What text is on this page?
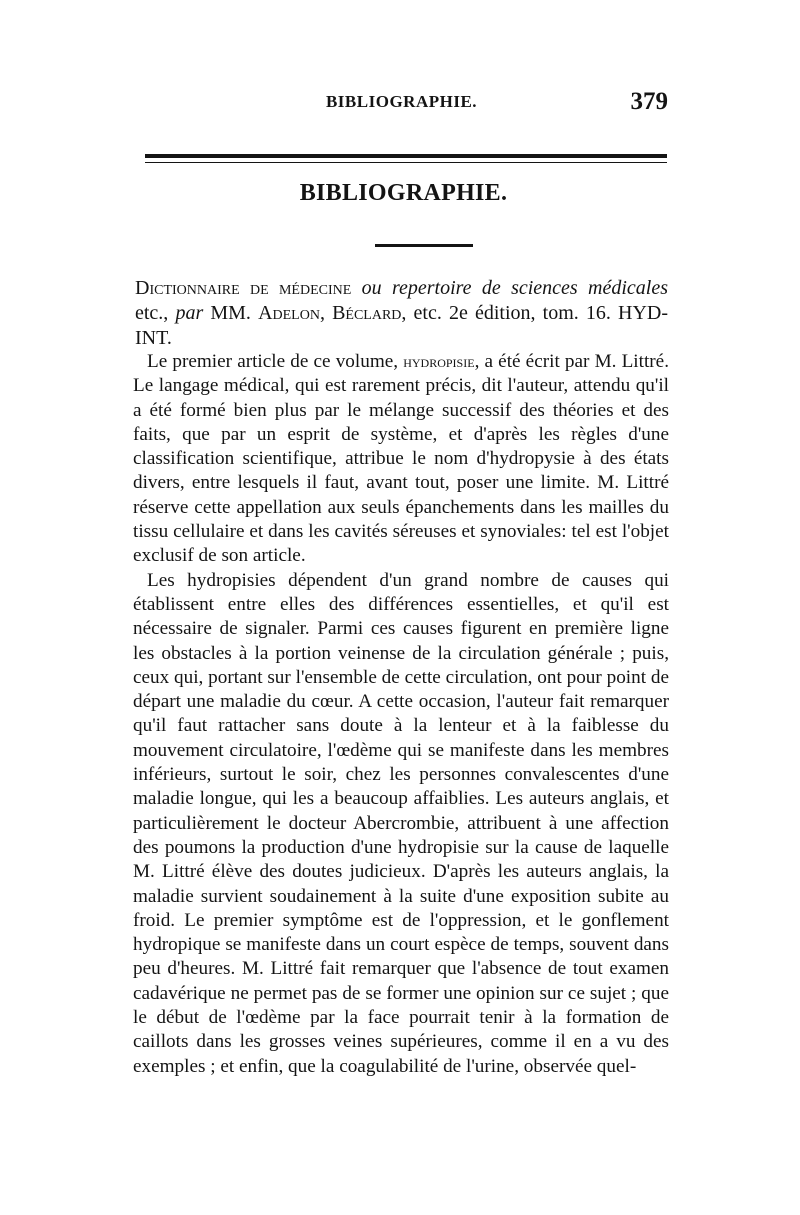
BIBLIOGRAPHIE.	379
BIBLIOGRAPHIE.
Dictionnaire de médecine ou repertoire de sciences médicales etc., par MM. Adelon, Béclard, etc. 2e édition, tom. 16. HYD-INT.

Le premier article de ce volume, hydropisie, a été écrit par M. Littré. Le langage médical, qui est rarement précis, dit l'auteur, attendu qu'il a été formé bien plus par le mélange successif des théories et des faits, que par un esprit de système, et d'après les règles d'une classification scientifique, attribue le nom d'hydropysie à des états divers, entre lesquels il faut, avant tout, poser une limite. M. Littré réserve cette appellation aux seuls épanchements dans les mailles du tissu cellulaire et dans les cavités séreuses et synoviales: tel est l'objet exclusif de son article.

Les hydropisies dépendent d'un grand nombre de causes qui établissent entre elles des différences essentielles, et qu'il est nécessaire de signaler. Parmi ces causes figurent en première ligne les obstacles à la portion veinense de la circulation générale ; puis, ceux qui, portant sur l'ensemble de cette circulation, ont pour point de départ une maladie du cœur. A cette occasion, l'auteur fait remarquer qu'il faut rattacher sans doute à la lenteur et à la faiblesse du mouvement circulatoire, l'œdème qui se manifeste dans les membres inférieurs, surtout le soir, chez les personnes convalescentes d'une maladie longue, qui les a beaucoup affaiblies. Les auteurs anglais, et particulièrement le docteur Abercrombie, attribuent à une affection des poumons la production d'une hydropisie sur la cause de laquelle M. Littré élève des doutes judicieux. D'après les auteurs anglais, la maladie survient soudainement à la suite d'une exposition subite au froid. Le premier symptôme est de l'oppression, et le gonflement hydropique se manifeste dans un court espèce de temps, souvent dans peu d'heures. M. Littré fait remarquer que l'absence de tout examen cadavérique ne permet pas de se former une opinion sur ce sujet ; que le début de l'œdème par la face pourrait tenir à la formation de caillots dans les grosses veines supérieures, comme il en a vu des exemples ; et enfin, que la coagulabilité de l'urine, observée quel-
